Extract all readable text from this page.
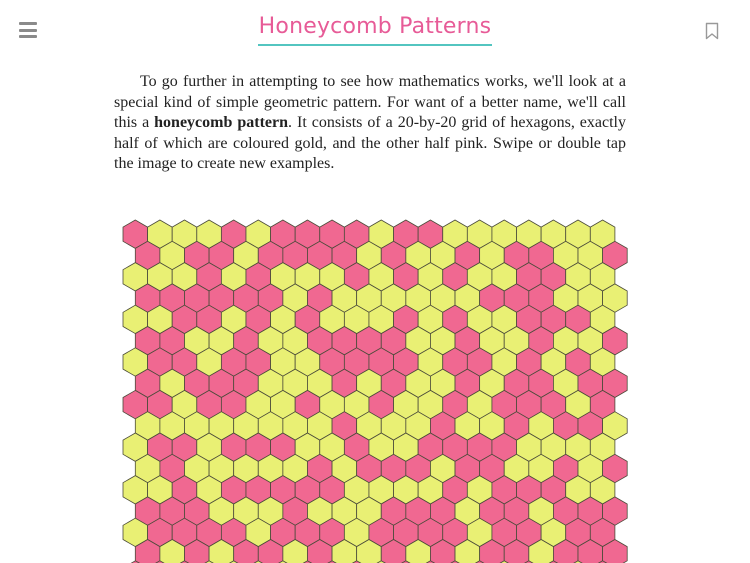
Honeycomb Patterns

To go further in attempting to see how mathematics works, we'll look at a special kind of simple geometric pattern. For want of a better name, we'll call this a honeycomb pattern. It consists of a 20-by-20 grid of hexagons, exactly half of which are coloured gold, and the other half pink. Swipe or double tap the image to create new examples.
